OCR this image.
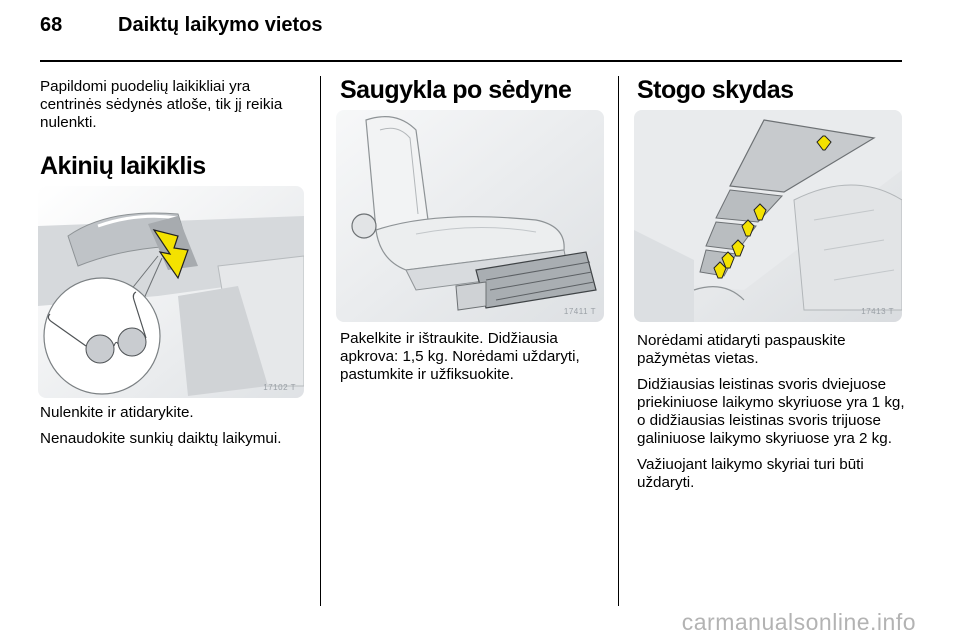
68	Daiktų laikymo vietos

Papildomi puodelių laikikliai yra centrinės sėdynės atloše, tik jį reikia nulenkti.

Akinių laikiklis
17102 T

Nulenkite ir atidarykite.

Nenaudokite sunkių daiktų laikymui.

Saugykla po sėdyne
17411 T

Pakelkite ir ištraukite. Didžiausia apkrova: 1,5 kg. Norėdami uždaryti, pastumkite ir užfiksuokite.

Stogo skydas
17413 T

Norėdami atidaryti paspauskite pažymėtas vietas.

Didžiausias leistinas svoris dviejuose priekiniuose laikymo skyriuose yra 1 kg, o didžiausias leistinas svoris trijuose galiniuose laikymo skyriuose yra 2 kg.

Važiuojant laikymo skyriai turi būti uždaryti.

carmanualsonline.info
